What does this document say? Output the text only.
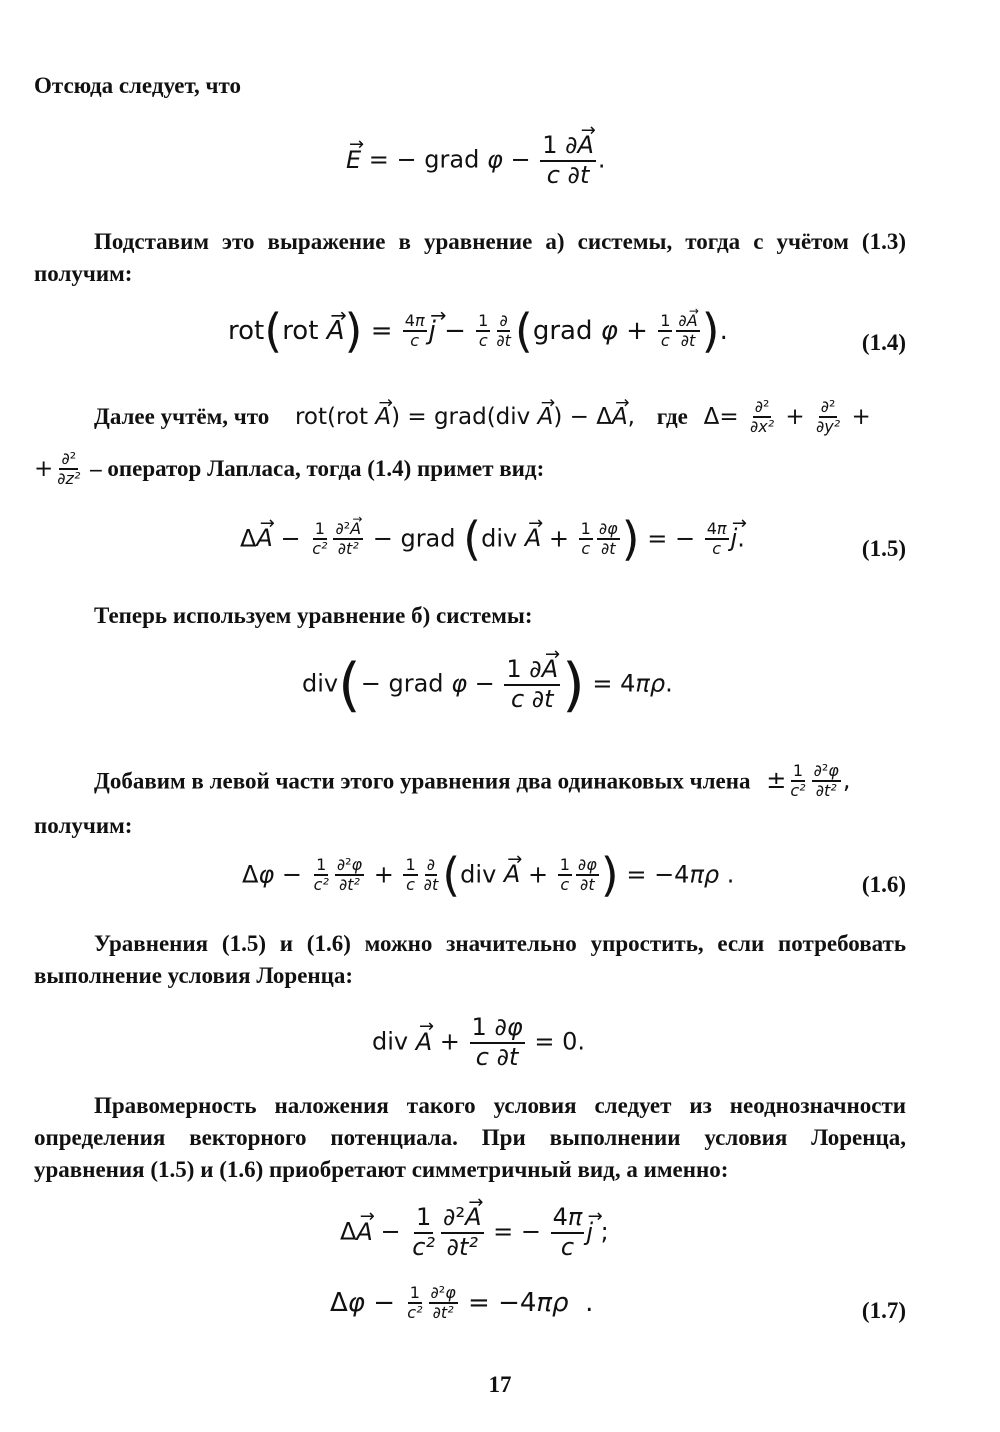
Отсюда следует, что
E → = − grad $\varphi - \frac{1 \partial A \to}{c \partial t}$ .
Подставим это выражение в уравнение а) системы, тогда с учётом (1.3) получим:
rot(rot A →) = $\frac{4\pi}{c}$ j → − $\frac{1}{c} \frac{\partial}{\partial t}$ (grad $\varphi + \frac{1}{c} \frac{\partial A \to}{\partial t}$ ).	(1.4)
Далее учтём, что rot(rot A →) = grad(div A →) − ΔA →, где $\Delta= \frac{\text{∂²}}{\text{∂x²}} + \frac{\text{∂²}}{\text{∂y²}}$ +
+ $\frac{\text{∂²}}{\text{∂z²}}$ – оператор Лапласа, тогда (1.4) примет вид:
ΔA → − $\frac{1}{\text{c²}} \frac{\text{∂²A →}}{\text{∂t²}}$ − grad (div A → + $\frac{1}{c} \frac{\partial\varphi}{\partial t}$ ) = − $\frac{4\pi}{c}$ j →.	(1.5)
Теперь используем уравнение б) системы:
div(− grad $\varphi - \frac{1 \partial A \to}{c \partial t}$ ) = 4πρ.
Добавим в левой части этого уравнения два одинаковых члена ± $\frac{1}{\text{c²}} \frac{\text{∂²φ}}{\text{∂t²}}$ ,
получим:
$\Delta\varphi - \frac{1}{\text{c²}} \frac{\text{∂²φ}}{\text{∂t²}} + \frac{1}{c} \frac{\partial}{\partial t} (div$ A → + $\frac{1}{c} \frac{\partial\varphi}{\partial t}$ ) = −4πρ .	(1.6)
Уравнения (1.5) и (1.6) можно значительно упростить, если потребовать выполнение условия Лоренца:
div A → + $\frac{1 \partial\varphi}{c \partial t} = 0$.
Правомерность наложения такого условия следует из неоднозначности определения векторного потенциала. При выполнении условия Лоренца, уравнения (1.5) и (1.6) приобретают симметричный вид, а именно:
ΔA → − $\frac{1}{\text{c²}} \frac{\text{∂²A →}}{\text{∂t²}}$ = − $\frac{4\pi}{c}$ j → ;
$\Delta\varphi - \frac{1}{\text{c²}} \frac{\text{∂²φ}}{\text{∂t²}} = -4\pi\rho$  .	(1.7)
17
